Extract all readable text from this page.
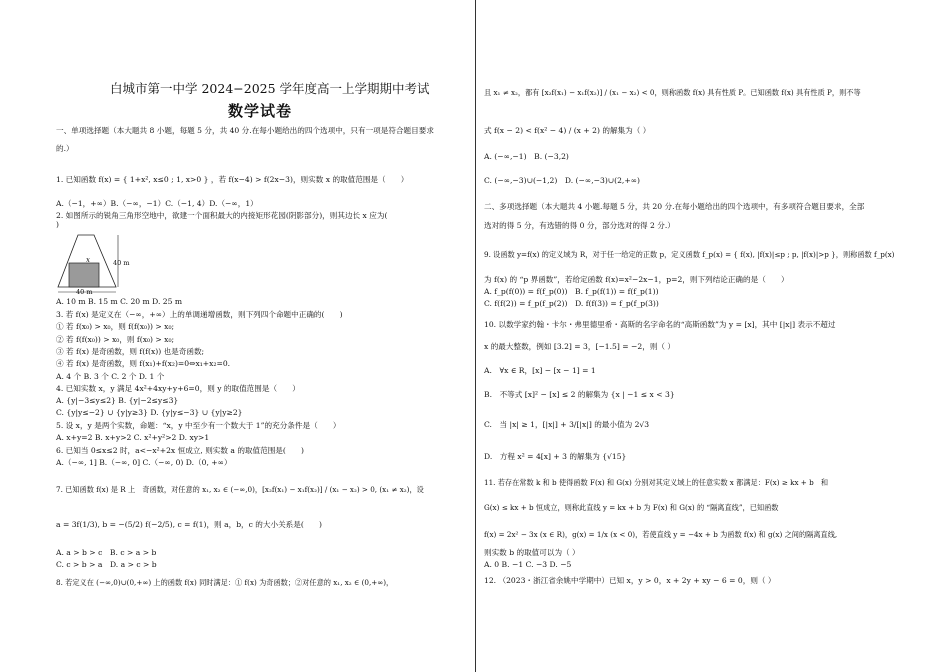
白城市第一中学 2024−2025 学年度高一上学期期中考试
数学试卷
一、单项选择题（本大题共 8 小题，每题 5 分，共 40 分.在每小题给出的四个选项中，只有一项是符合题目要求
的.）
1. 已知函数 f(x) = { 1+x², x≤0 ; 1, x>0 } ，若 f(x−4) > f(2x−3)，则实数 x 的取值范围是（　　）
A.（−1，+∞）B.（−∞，−1）C.（−1, 4）D.（−∞，1）
2. 如图所示的锐角三角形空地中，欲建一个面积最大的内接矩形花园(阴影部分)，则其边长 x 应为(
)
x	40 m
40 m
A. 10 m B. 15 m C. 20 m D. 25 m
3. 若 f(x) 是定义在（−∞，+∞）上的单调递增函数，则下列四个命题中正确的(　　)
① 若 f(x₀) > x₀，则 f(f(x₀)) > x₀;
② 若 f(f(x₀)) > x₀，则 f(x₀) > x₀;
③ 若 f(x) 是奇函数，则 f(f(x)) 也是奇函数;
④ 若 f(x) 是奇函数，则 f(x₁)+f(x₂)=0⇔x₁+x₂=0.
A. 4 个 B. 3 个 C. 2 个 D. 1 个
4. 已知实数 x，y 满足 4x²+4xy+y+6=0，则 y 的取值范围是（　　）
A. {y|−3≤y≤2} B. {y|−2≤y≤3}
C. {y|y≤−2} ∪ {y|y≥3} D. {y|y≤−3} ∪ {y|y≥2}
5. 设 x，y 是两个实数，命题：“x，y 中至少有一个数大于 1”的充分条件是（　　）
A. x+y=2 B. x+y>2 C. x²+y²>2 D. xy>1
6. 已知当 0≤x≤2 时，a<−x²+2x 恒成立, 则实数 a 的取值范围是(　　)
A.（−∞, 1] B.（−∞, 0] C.（−∞, 0) D.（0, +∞）
7. 已知函数 f(x) 是 R 上　奇函数，对任意的 x₁, x₂ ∈ (−∞,0)，[x₂f(x₁) − x₁f(x₂)] / (x₁ − x₂) > 0, (x₁ ≠ x₂)，设
a = 3f(1/3), b = −(5/2) f(−2/5), c = f(1)，则 a，b，c 的大小关系是(　　)
A. a > b > c　B. c > a > b
C. c > b > a　D. a > c > b
8. 若定义在 (−∞,0)∪(0,+∞) 上的函数 f(x) 同时满足：① f(x) 为奇函数；②对任意的 x₁, x₂ ∈ (0,+∞)，
且 x₁ ≠ x₂，都有 [x₂f(x₁) − x₁f(x₂)] / (x₁ − x₂) < 0，则称函数 f(x) 具有性质 P。已知函数 f(x) 具有性质 P，则不等
式 f(x − 2) < f(x² − 4) / (x + 2) 的解集为（ ）
A. (−∞,−1)　B. (−3,2)
C. (−∞,−3)∪(−1,2)　D. (−∞,−3)∪(2,+∞)
二、多项选择题（本大题共 4 小题.每题 5 分，共 20 分.在每小题给出的四个选项中，有多项符合题目要求，全部
选对的得 5 分，有选错的得 0 分，部分选对的得 2 分.）
9. 设函数 y=f(x) 的定义域为 R，对于任一给定的正数 p，定义函数 f_p(x) = { f(x), |f(x)|≤p ; p, |f(x)|>p }，则称函数 f_p(x)
为 f(x) 的 “p 界函数”，若给定函数 f(x)=x²−2x−1，p=2，则下列结论正确的是（　　）
A. f_p(f(0)) = f(f_p(0))　B. f_p(f(1)) = f(f_p(1))
C. f(f(2)) = f_p(f_p(2))　D. f(f(3)) = f_p(f_p(3))
10. 以数学家约翰・卡尔・弗里德里希・高斯的名字命名的“高斯函数”为 y = [x]，其中 [|x|] 表示不超过
x 的最大整数，例如 [3.2] = 3，[−1.5] = −2，则（ ）
A.　∀x ∈ R，[x] − [x − 1] = 1
B.　不等式 [x]² − [x] ≤ 2 的解集为 {x | −1 ≤ x < 3}
C.　当 |x| ≥ 1，[|x|] + 3/[|x|] 的最小值为 2√3
D.　方程 x² = 4[x] + 3 的解集为 {√15}
11. 若存在常数 k 和 b 使得函数 F(x) 和 G(x) 分别对其定义域上的任意实数 x 都满足：F(x) ≥ kx + b　和
G(x) ≤ kx + b 恒成立，则称此直线 y = kx + b 为 F(x) 和 G(x) 的 “隔离直线”，已知函数
f(x) = 2x² − 3x (x ∈ R)，g(x) = 1/x (x < 0)，若使直线 y = −4x + b 为函数 f(x) 和 g(x) 之间的隔离直线,
则实数 b 的取值可以为（ ）
A. 0 B. −1 C. −3 D. −5
12. （2023・浙江省余姚中学期中）已知 x，y > 0，x + 2y + xy − 6 = 0，则（ ）
